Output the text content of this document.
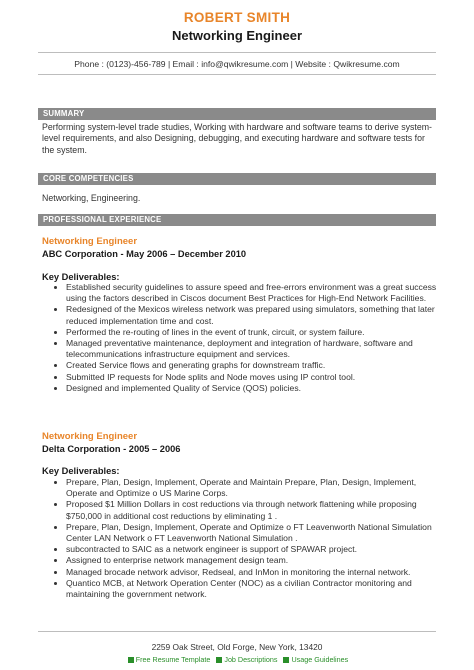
ROBERT SMITH
Networking Engineer
Phone : (0123)-456-789 | Email : info@qwikresume.com | Website : Qwikresume.com
SUMMARY
Performing system-level trade studies, Working with hardware and software teams to derive system-level requirements, and also Designing, debugging, and executing hardware and software tests for the system.
CORE COMPETENCIES
Networking, Engineering.
PROFESSIONAL EXPERIENCE
Networking Engineer
ABC Corporation - May 2006 – December 2010
Key Deliverables:
• Established security guidelines to assure speed and free-errors environment was a great success using the factors described in Ciscos document Best Practices for High-End Network Facilities.
• Redesigned of the Mexicos wireless network was prepared using simulators, something that later reduced implementation time and cost.
• Performed the re-routing of lines in the event of trunk, circuit, or system failure.
• Managed preventative maintenance, deployment and integration of hardware, software and telecommunications infrastructure equipment and services.
• Created Service flows and generating graphs for downstream traffic.
• Submitted IP requests for Node splits and Node moves using IP control tool.
• Designed and implemented Quality of Service (QOS) policies.
Networking Engineer
Delta Corporation - 2005 – 2006
Key Deliverables:
• Prepare, Plan, Design, Implement, Operate and Maintain Prepare, Plan, Design, Implement, Operate and Optimize o US Marine Corps.
• Proposed $1 Million Dollars in cost reductions via through network flattening while proposing $750,000 in additional cost reductions by eliminating 1 .
• Prepare, Plan, Design, Implement, Operate and Optimize o FT Leavenworth National Simulation Center LAN Network o FT Leavenworth National Simulation .
• subcontracted to SAIC as a network engineer is support of SPAWAR project.
• Assigned to enterprise network management design team.
• Managed brocade network advisor, Redseal, and InMon in monitoring the internal network.
• Quantico MCB, at Network Operation Center (NOC) as a civilian Contractor monitoring and maintaining the government network.
2259 Oak Street, Old Forge, New York, 13420
Free Resume Template Job Descriptions Usage Guidelines
